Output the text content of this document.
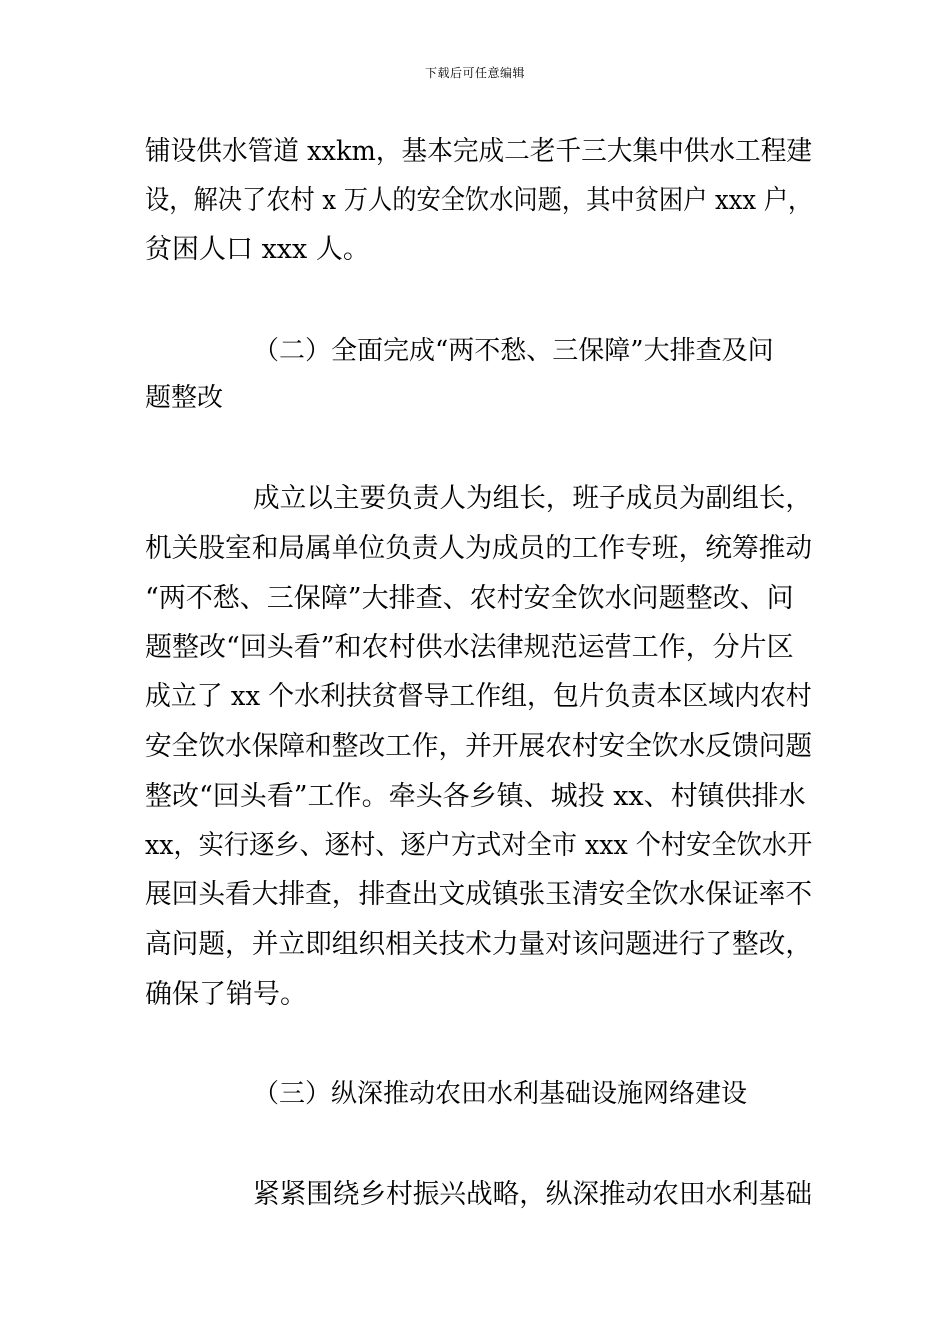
下载后可任意编辑
铺设供水管道 xxkm，基本完成二老千三大集中供水工程建
设，解决了农村 x 万人的安全饮水问题，其中贫困户 xxx 户，
贫困人口 xxx 人。
（二）全面完成“两不愁、三保障”大排查及问
题整改
成立以主要负责人为组长，班子成员为副组长，
机关股室和局属单位负责人为成员的工作专班，统筹推动
“两不愁、三保障”大排查、农村安全饮水问题整改、问
题整改“回头看”和农村供水法律规范运营工作，分片区
成立了 xx 个水利扶贫督导工作组，包片负责本区域内农村
安全饮水保障和整改工作，并开展农村安全饮水反馈问题
整改“回头看”工作。牵头各乡镇、城投 xx、村镇供排水
xx，实行逐乡、逐村、逐户方式对全市 xxx 个村安全饮水开
展回头看大排查，排查出文成镇张玉清安全饮水保证率不
高问题，并立即组织相关技术力量对该问题进行了整改，
确保了销号。
（三）纵深推动农田水利基础设施网络建设
紧紧围绕乡村振兴战略，纵深推动农田水利基础
